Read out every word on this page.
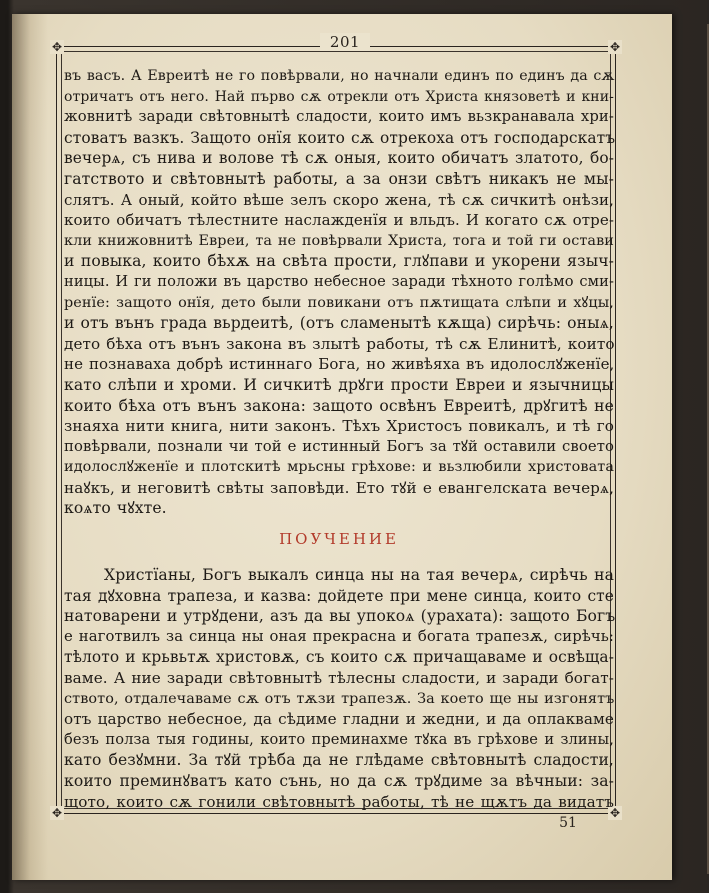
✥	✥
✥	✥
201
въ васъ. А Евреитѣ не го повѣрвали, но начнали единъ по единъ да сѫ
отричатъ отъ него. Най първо сѫ отрекли отъ Христа князоветѣ и кни-
жовнитѣ заради свѣтовнытѣ сладости, които имъ вьзкранавала хри-
стоватъ вазкъ. Защото онїя които сѫ отрекоха отъ господарскатъ
вечерѧ, съ нива и волове тѣ сѫ оныя, които обичатъ златото, бо-
гатството и свѣтовнытѣ работы, а за онзи свѣтъ никакъ не мы-
слятъ. А оный, който вѣше зелъ скоро жена, тѣ сѫ сичкитѣ онѣзи,
които обичатъ тѣлестните наслажденїя и вльдъ. И когато сѫ отре-
кли книжовнитѣ Евреи, та не повѣрвали Христа, тога и той ги остави
и повыка, които бѣхѫ на свѣта прости, глꙋпави и укорени языч-
ницы. И ги положи въ царство небесное заради тѣхното голѣмо сми-
ренїе: защото онїя, дето были повикани отъ пѫтищата слѣпи и хꙋцы,
и отъ вънъ града вьрдеитѣ, (отъ сламенытѣ кѫща) сирѣчь: оныѧ,
дето бѣха отъ вънъ закона въ злытѣ работы, тѣ сѫ Елинитѣ, които
не познаваха добрѣ истиннаго Бога, но живѣяха въ идолослꙋженїе,
като слѣпи и хроми. И сичкитѣ дрꙋги прости Евреи и язычницы
които бѣха отъ вънъ закона: защото освѣнъ Евреитѣ, дрꙋгитѣ не
знаяха нити книга, нити законъ. Тѣхъ Христосъ повикалъ, и тѣ го
повѣрвали, познали чи той е истинный Богъ за тꙋй оставили своето
идолослꙋженїе и плотскитѣ мрьсны грѣхове: и вьзлюбили христовата
наꙋкъ, и неговитѣ свѣты заповѣди. Ето тꙋй е евангелската вечерѧ,
коѧто чꙋхте.
ПОУЧЕНИЕ
Христїаны, Богъ выкалъ синца ны на тая вечерѧ, сирѣчь на
тая дꙋховна трапеза, и казва: дойдете при мене синца, които сте
натоварени и утрꙋдени, азъ да вы упокоѧ (урахата): защото Богъ
е наготвилъ за синца ны оная прекрасна и богата трапезѫ, сирѣчь:
тѣлото и крьвьтѫ христовѫ, съ които сѫ причащаваме и освѣща-
ваме. А ние заради свѣтовнытѣ тѣлесны сладости, и заради богат-
ството, отдалечаваме сѫ отъ тѫзи трапезѫ. За което ще ны изгонятъ
отъ царство небесное, да сѣдиме гладни и жедни, и да оплакваме
безъ полза тыя годины, които преминахме тꙋка въ грѣхове и злины,
като безꙋмни. За тꙋй трѣба да не глѣдаме свѣтовнытѣ сладости,
които преминꙋватъ като сънь, но да сѫ трꙋдиме за вѣчныи: за-
щото, които сѫ гонили свѣтовнытѣ работы, тѣ не щѫтъ да видатъ
51
